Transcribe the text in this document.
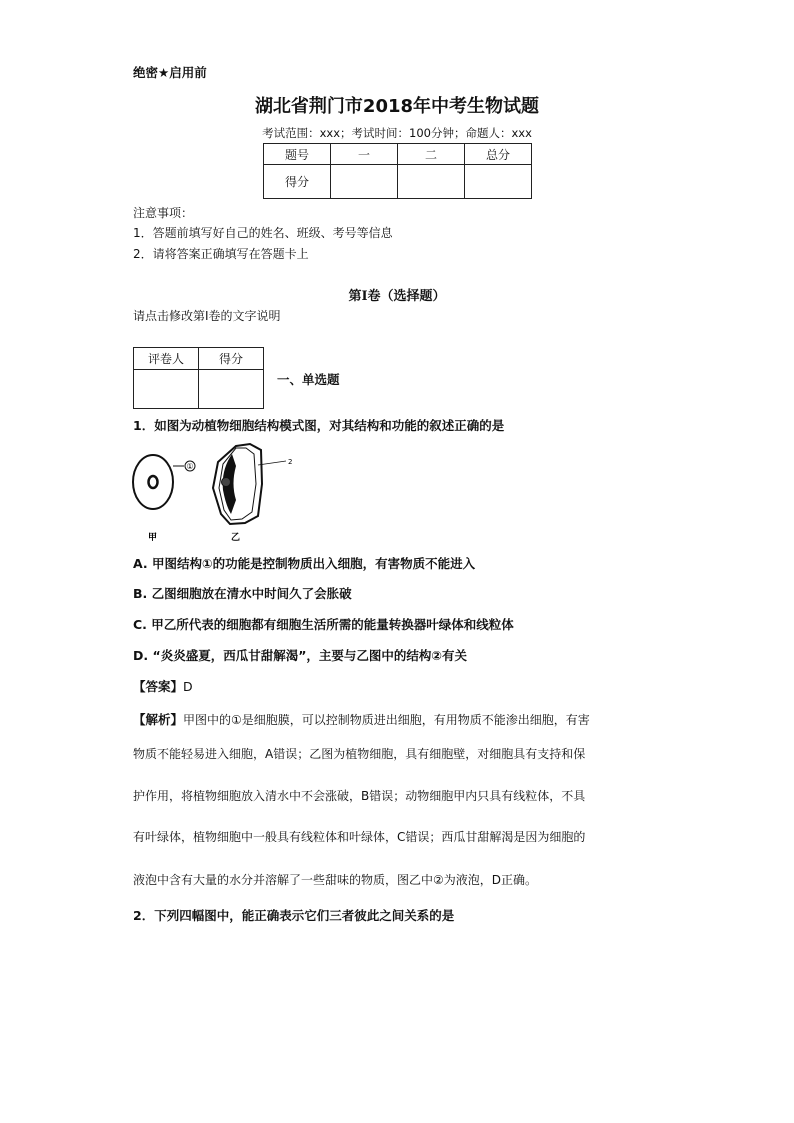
绝密★启用前
湖北省荆门市2018年中考生物试题
考试范围：xxx；考试时间：100分钟；命题人：xxx
题号	一	二	总分
得分			
注意事项：
1．答题前填写好自己的姓名、班级、考号等信息
2．请将答案正确填写在答题卡上
第I卷（选择题）
请点击修改第I卷的文字说明
评卷人	得分

一、单选题
1．如图为动植物细胞结构模式图，对其结构和功能的叙述正确的是
①
甲
2
乙
A. 甲图结构①的功能是控制物质出入细胞，有害物质不能进入
B. 乙图细胞放在清水中时间久了会胀破
C. 甲乙所代表的细胞都有细胞生活所需的能量转换器叶绿体和线粒体
D. “炎炎盛夏，西瓜甘甜解渴”，主要与乙图中的结构②有关
【答案】D
【解析】甲图中的①是细胞膜，可以控制物质进出细胞，有用物质不能渗出细胞，有害
物质不能轻易进入细胞，A错误；乙图为植物细胞，具有细胞壁，对细胞具有支持和保
护作用，将植物细胞放入清水中不会涨破，B错误；动物细胞甲内只具有线粒体，不具
有叶绿体，植物细胞中一般具有线粒体和叶绿体，C错误；西瓜甘甜解渴是因为细胞的
液泡中含有大量的水分并溶解了一些甜味的物质，图乙中②为液泡，D正确。
2．下列四幅图中，能正确表示它们三者彼此之间关系的是
